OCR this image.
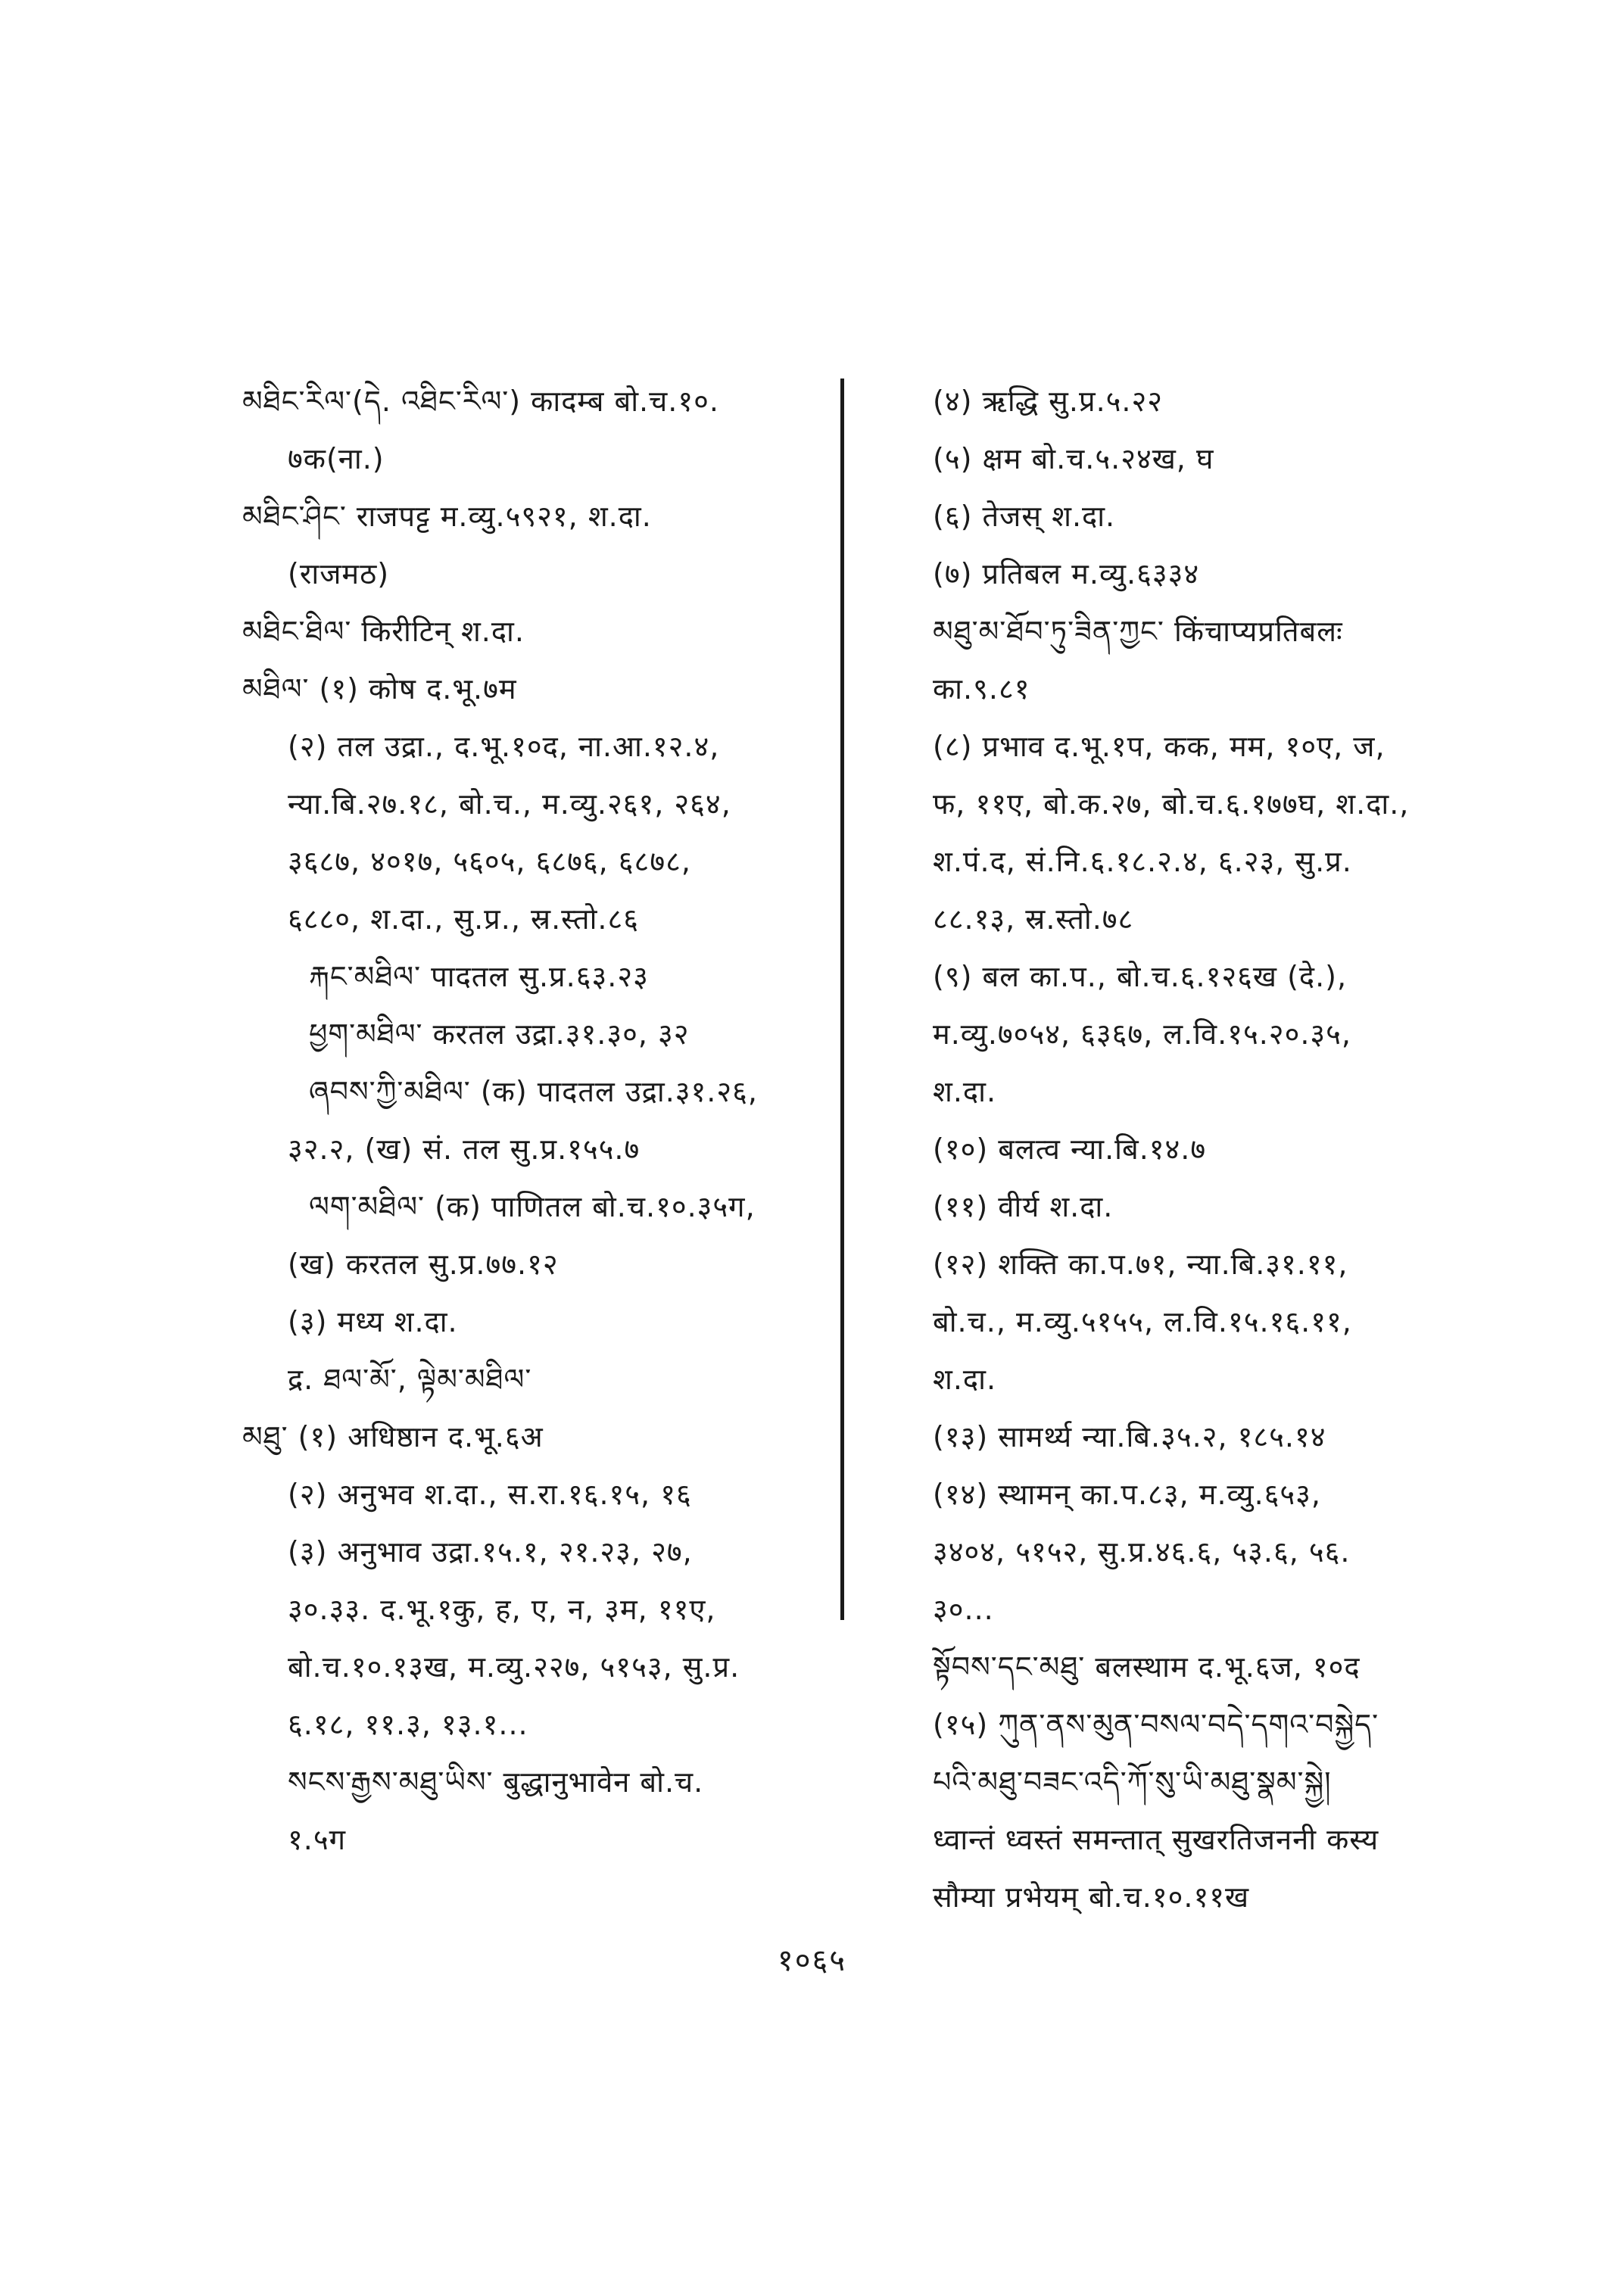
མཐིང་རིལ་(དེ. འཐིང་རིལ་) कादम्ब बो.च.१०.
७क(ना.)
མཐིང་ཤིང་ राजपट्ट म.व्यु.५९२१, श.दा.
(राजमठ)
མཐིང་ཐིལ་ किरीटिन् श.दा.
མཐིལ་ (१) कोष द.भू.७म
(२) तल उद्रा., द.भू.१०द, ना.आ.१२.४,
न्या.बि.२७.१८, बो.च., म.व्यु.२६१, २६४,
३६८७, ४०१७, ५६०५, ६८७६, ६८७८,
६८८०, श.दा., सु.प्र., स्र.स्तो.८६
རྐང་མཐིལ་ पादतल सु.प्र.६३.२३
ཕྱག་མཐིལ་ करतल उद्रा.३१.३०, ३२
ཞབས་ཀྱི་མཐིལ་ (क) पादतल उद्रा.३१.२६,
३२.२, (ख) सं. तल सु.प्र.१५५.७
ལག་མཐིལ་ (क) पाणितल बो.च.१०.३५ग,
(ख) करतल सु.प्र.७७.१२
(३) मध्य श.दा.
द्र. ཐལ་མོ་, ལྟེམ་མཐིལ་
མཐུ་ (१) अधिष्ठान द.भू.६अ
(२) अनुभव श.दा., स.रा.१६.१५, १६
(३) अनुभाव उद्रा.१५.१, २१.२३, २७,
३०.३३. द.भू.१कु, ह, ए, न, ३म, ११ए,
बो.च.१०.१३ख, म.व्यु.२२७, ५१५३, सु.प्र.
६.१८, ११.३, १३.१...
སངས་རྒྱས་མཐུ་ཡིས་ बुद्धानुभावेन बो.च.
१.५ग
(४) ऋद्धि सु.प्र.५.२२
(५) क्षम बो.च.५.२४ख, घ
(६) तेजस् श.दा.
(७) प्रतिबल म.व्यु.६३३४
མཐུ་མ་ཐོབ་ཏུ་ཟིན་ཀྱང་ किंचाप्यप्रतिबलः
का.९.८१
(८) प्रभाव द.भू.१प, कक, मम, १०ए, ज,
फ, ११ए, बो.क.२७, बो.च.६.१७७घ, श.दा.,
श.पं.द, सं.नि.६.१८.२.४, ६.२३, सु.प्र.
८८.१३, स्र.स्तो.७८
(९) बल का.प., बो.च.६.१२६ख (दे.),
म.व्यु.७०५४, ६३६७, ल.वि.१५.२०.३५,
श.दा.
(१०) बलत्व न्या.बि.१४.७
(११) वीर्य श.दा.
(१२) शक्ति का.प.७१, न्या.बि.३१.११,
बो.च., म.व्यु.५१५५, ल.वि.१५.१६.११,
श.दा.
(१३) सामर्थ्य न्या.बि.३५.२, १८५.१४
(१४) स्थामन् का.प.८३, म.व्यु.६५३,
३४०४, ५१५२, सु.प्र.४६.६, ५३.६, ५६.
३०...
སྟོབས་དང་མཐུ་ बलस्थाम द.भू.६ज, १०द
(१५) ཀུན་ནས་མུན་བསལ་བདེ་དགའ་བསྐྱེད་
པའི་མཐུ་བཟང་འདི་ཀོ་སུ་ཡི་མཐུ་སྣམ་སྐྱེ།
ध्वान्तं ध्वस्तं समन्तात् सुखरतिजननी कस्य
सौम्या प्रभेयम् बो.च.१०.११ख
१०६५
